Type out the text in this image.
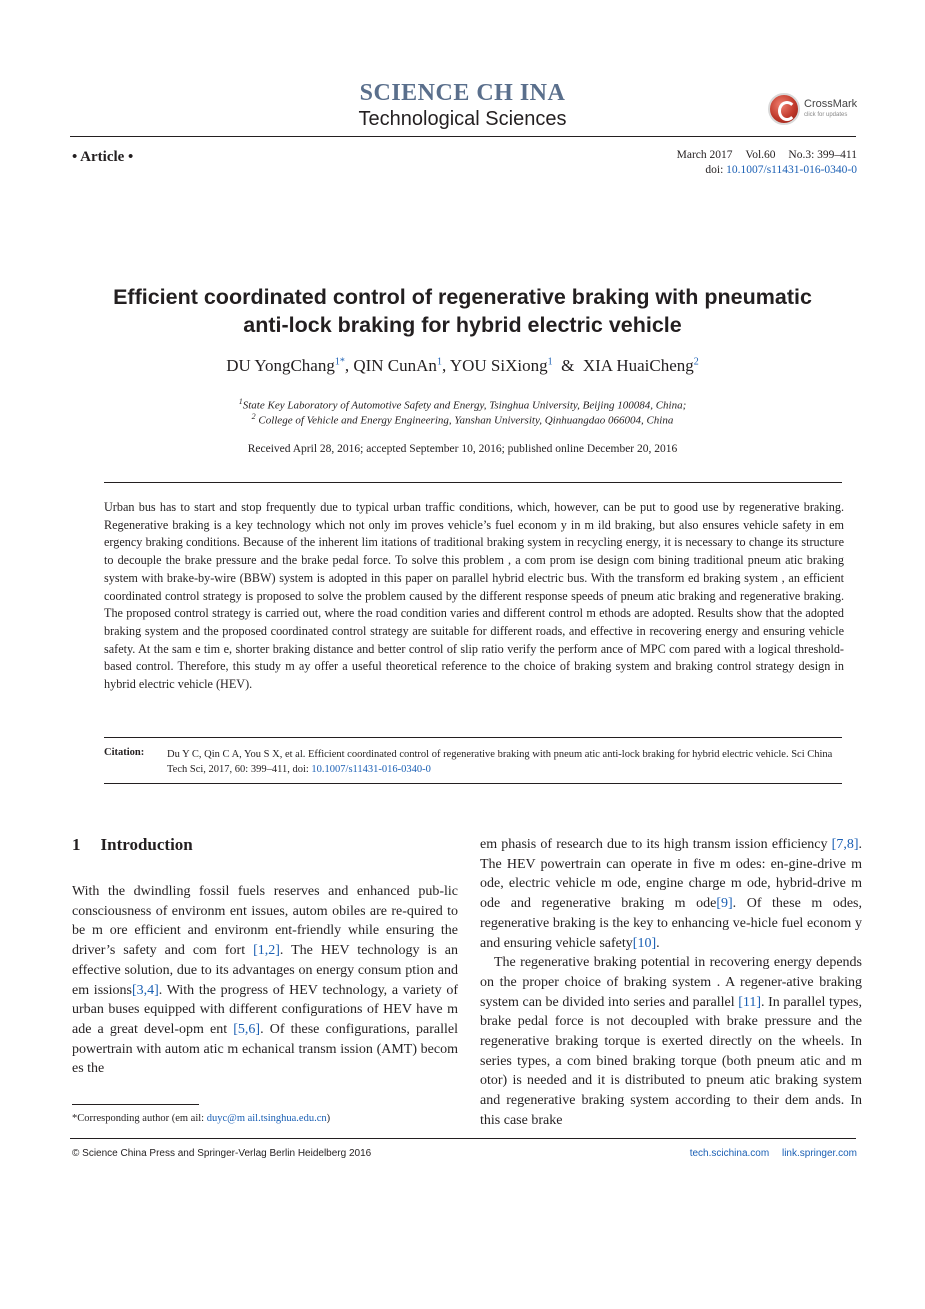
SCIENCE CH INA
Technological Sciences
CrossMark
click for updates
• Article •	March 2017 Vol.60 No.3: 399–411
doi: 10.1007/s11431-016-0340-0
Efficient coordinated control of regenerative braking with pneumatic anti-lock braking for hybrid electric vehicle
DU YongChang$^{1*}$, QIN CunAn$^1$, YOU SiXiong$^1$  &  XIA HuaiCheng$^2$
$^1$State Key Laboratory of Automotive Safety and Energy, Tsinghua University, Beijing 100084, China;
$^2$ College of Vehicle and Energy Engineering, Yanshan University, Qinhuangdao 066004, China
Received April 28, 2016; accepted September 10, 2016; published online December 20, 2016
Urban bus has to start and stop frequently due to typical urban traffic conditions, which, however, can be put to good use by regenerative braking. Regenerative braking is a key technology which not only im proves vehicle’s fuel econom y in m ild braking, but also ensures vehicle safety in em ergency braking conditions. Because of the inherent lim itations of traditional braking system in recycling energy, it is necessary to change its structure to decouple the brake pressure and the brake pedal force. To solve this problem , a com prom ise design com bining traditional pneum atic braking system with brake-by-wire (BBW) system is adopted in this paper on parallel hybrid electric bus. With the transform ed braking system , an efficient coordinated control strategy is proposed to solve the problem caused by the different response speeds of pneum atic braking and regenerative braking. The proposed control strategy is carried out, where the road condition varies and different control m ethods are adopted. Results show that the adopted braking system and the proposed coordinated control strategy are suitable for different roads, and effective in recovering energy and ensuring vehicle safety. At the sam e tim e, shorter braking distance and better control of slip ratio verify the perform ance of MPC com pared with a logical threshold-based control. Therefore, this study m ay offer a useful theoretical reference to the choice of braking system and braking control strategy design in hybrid electric vehicle (HEV).
Citation: Du Y C, Qin C A, You S X, et al. Efficient coordinated control of regenerative braking with pneum atic anti-lock braking for hybrid electric vehicle. Sci China Tech Sci, 2017, 60: 399–411, doi: 10.1007/s11431-016-0340-0
1 Introduction

With the dwindling fossil fuels reserves and enhanced pub-lic consciousness of environm ent issues, autom obiles are re-quired to be m ore efficient and environm ent-friendly while ensuring the driver’s safety and com fort [1,2]. The HEV technology is an effective solution, due to its advantages on energy consum ption and em issions[3,4]. With the progress of HEV technology, a variety of urban buses equipped with different configurations of HEV have m ade a great devel-opm ent [5,6]. Of these configurations, parallel powertrain with autom atic m echanical transm ission (AMT) becom es the

em phasis of research due to its high transm ission efficiency [7,8]. The HEV powertrain can operate in five m odes: en-gine-drive m ode, electric vehicle m ode, engine charge m ode, hybrid-drive m ode and regenerative braking m ode[9]. Of these m odes, regenerative braking is the key to enhancing ve-hicle fuel econom y and ensuring vehicle safety[10].

The regenerative braking potential in recovering energy depends on the proper choice of braking system . A regener-ative braking system can be divided into series and parallel [11]. In parallel types, brake pedal force is not decoupled with brake pressure and the regenerative braking torque is exerted directly on the wheels. In series types, a com bined braking torque (both pneum atic and m otor) is needed and it is distributed to pneum atic braking system and regenerative braking system according to their dem ands. In this case brake

*Corresponding author (em ail: duyc@m ail.tsinghua.edu.cn)
© Science China Press and Springer-Verlag Berlin Heidelberg 2016	tech.scichina.com link.springer.com
